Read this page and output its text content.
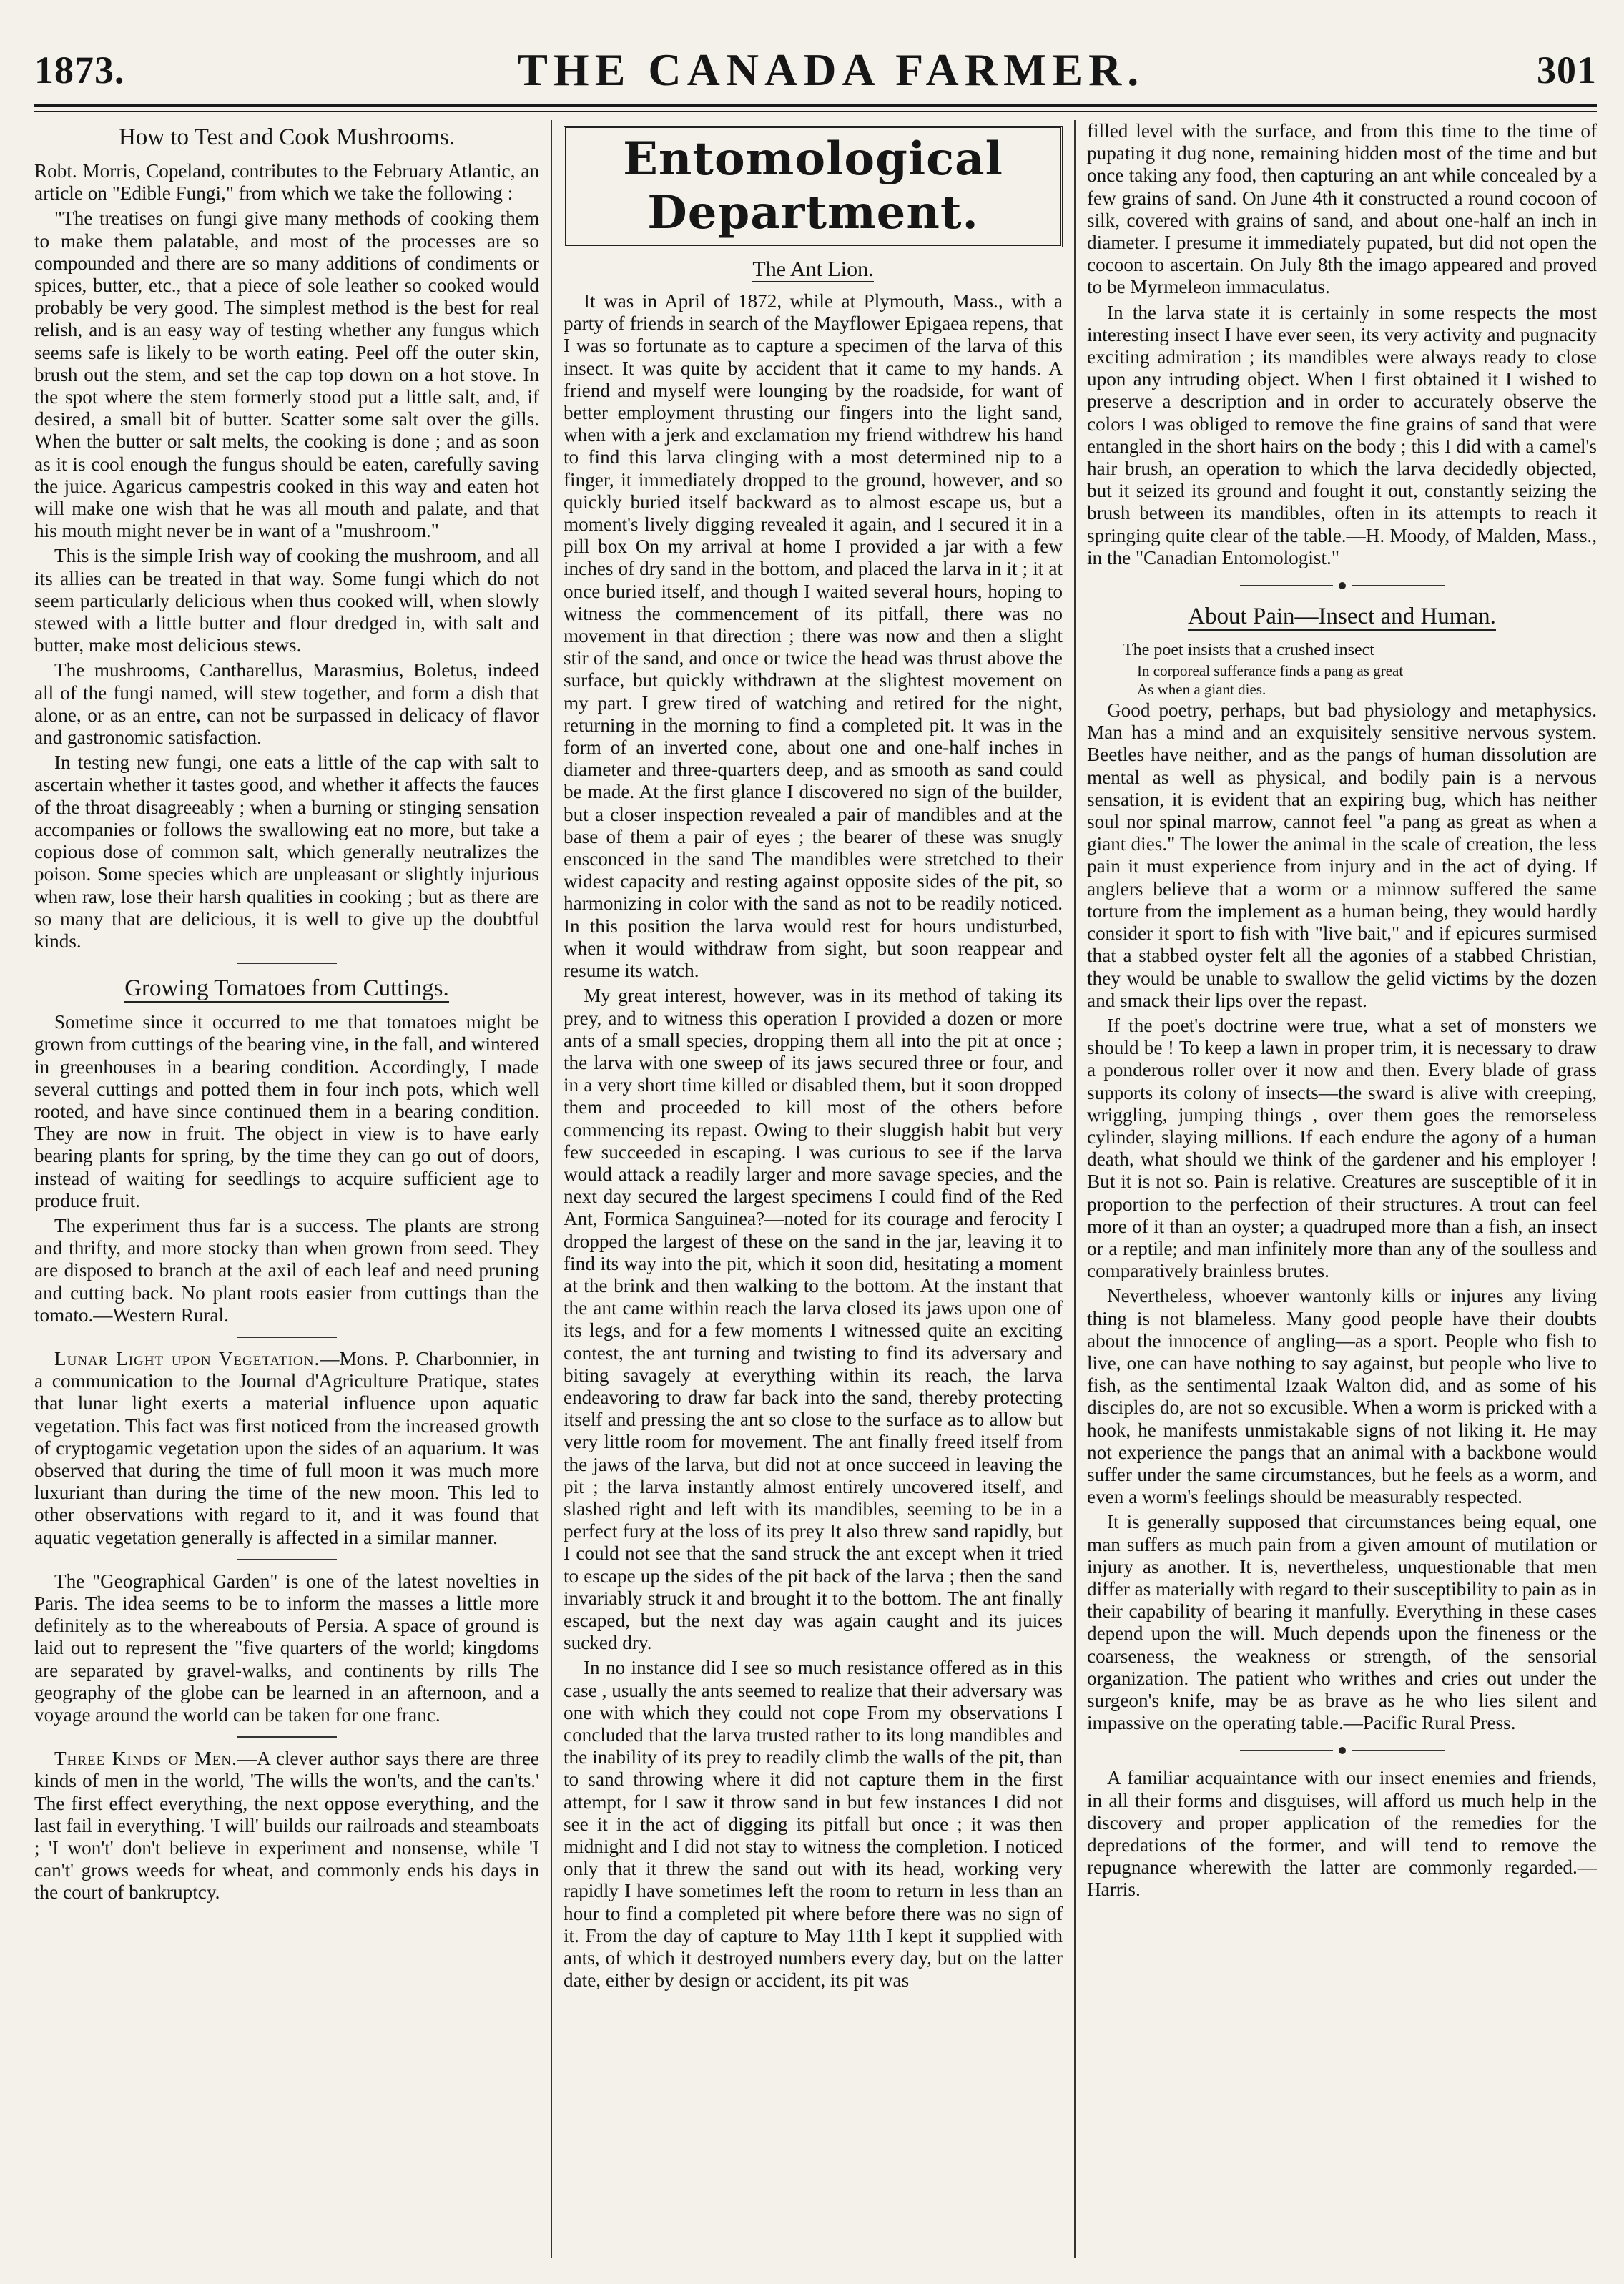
1873.	THE CANADA FARMER.	301
How to Test and Cook Mushrooms.

Robt. Morris, Copeland, contributes to the February Atlantic, an article on "Edible Fungi," from which we take the following :

"The treatises on fungi give many methods of cooking them to make them palatable, and most of the processes are so compounded and there are so many additions of condiments or spices, butter, etc., that a piece of sole leather so cooked would probably be very good. The simplest method is the best for real relish, and is an easy way of testing whether any fungus which seems safe is likely to be worth eating. Peel off the outer skin, brush out the stem, and set the cap top down on a hot stove. In the spot where the stem formerly stood put a little salt, and, if desired, a small bit of butter. Scatter some salt over the gills. When the butter or salt melts, the cooking is done ; and as soon as it is cool enough the fungus should be eaten, carefully saving the juice. Agaricus campestris cooked in this way and eaten hot will make one wish that he was all mouth and palate, and that his mouth might never be in want of a "mushroom."

This is the simple Irish way of cooking the mushroom, and all its allies can be treated in that way. Some fungi which do not seem particularly delicious when thus cooked will, when slowly stewed with a little butter and flour dredged in, with salt and butter, make most delicious stews.

The mushrooms, Cantharellus, Marasmius, Boletus, indeed all of the fungi named, will stew together, and form a dish that alone, or as an entre, can not be surpassed in delicacy of flavor and gastronomic satisfaction.

In testing new fungi, one eats a little of the cap with salt to ascertain whether it tastes good, and whether it affects the fauces of the throat disagreeably ; when a burning or stinging sensation accompanies or follows the swallowing eat no more, but take a copious dose of common salt, which generally neutralizes the poison. Some species which are unpleasant or slightly injurious when raw, lose their harsh qualities in cooking ; but as there are so many that are delicious, it is well to give up the doubtful kinds.

Growing Tomatoes from Cuttings.

Sometime since it occurred to me that tomatoes might be grown from cuttings of the bearing vine, in the fall, and wintered in greenhouses in a bearing condition. Accordingly, I made several cuttings and potted them in four inch pots, which well rooted, and have since continued them in a bearing condition. They are now in fruit. The object in view is to have early bearing plants for spring, by the time they can go out of doors, instead of waiting for seedlings to acquire sufficient age to produce fruit.

The experiment thus far is a success. The plants are strong and thrifty, and more stocky than when grown from seed. They are disposed to branch at the axil of each leaf and need pruning and cutting back. No plant roots easier from cuttings than the tomato.—Western Rural.

Lunar Light upon Vegetation.—Mons. P. Charbonnier, in a communication to the Journal d'Agriculture Pratique, states that lunar light exerts a material influence upon aquatic vegetation. This fact was first noticed from the increased growth of cryptogamic vegetation upon the sides of an aquarium. It was observed that during the time of full moon it was much more luxuriant than during the time of the new moon. This led to other observations with regard to it, and it was found that aquatic vegetation generally is affected in a similar manner.

The "Geographical Garden" is one of the latest novelties in Paris. The idea seems to be to inform the masses a little more definitely as to the whereabouts of Persia. A space of ground is laid out to represent the "five quarters of the world; kingdoms are separated by gravel-walks, and continents by rills The geography of the globe can be learned in an afternoon, and a voyage around the world can be taken for one franc.

Three Kinds of Men.—A clever author says there are three kinds of men in the world, 'The wills the won'ts, and the can'ts.' The first effect everything, the next oppose everything, and the last fail in everything. 'I will' builds our railroads and steamboats ; 'I won't' don't believe in experiment and nonsense, while 'I can't' grows weeds for wheat, and commonly ends his days in the court of bankruptcy.

Entomological Department.
The Ant Lion.

It was in April of 1872, while at Plymouth, Mass., with a party of friends in search of the Mayflower Epigaea repens, that I was so fortunate as to capture a specimen of the larva of this insect. It was quite by accident that it came to my hands. A friend and myself were lounging by the roadside, for want of better employment thrusting our fingers into the light sand, when with a jerk and exclamation my friend withdrew his hand to find this larva clinging with a most determined nip to a finger, it immediately dropped to the ground, however, and so quickly buried itself backward as to almost escape us, but a moment's lively digging revealed it again, and I secured it in a pill box On my arrival at home I provided a jar with a few inches of dry sand in the bottom, and placed the larva in it ; it at once buried itself, and though I waited several hours, hoping to witness the commencement of its pitfall, there was no movement in that direction ; there was now and then a slight stir of the sand, and once or twice the head was thrust above the surface, but quickly withdrawn at the slightest movement on my part. I grew tired of watching and retired for the night, returning in the morning to find a completed pit. It was in the form of an inverted cone, about one and one-half inches in diameter and three-quarters deep, and as smooth as sand could be made. At the first glance I discovered no sign of the builder, but a closer inspection revealed a pair of mandibles and at the base of them a pair of eyes ; the bearer of these was snugly ensconced in the sand The mandibles were stretched to their widest capacity and resting against opposite sides of the pit, so harmonizing in color with the sand as not to be readily noticed. In this position the larva would rest for hours undisturbed, when it would withdraw from sight, but soon reappear and resume its watch.

My great interest, however, was in its method of taking its prey, and to witness this operation I provided a dozen or more ants of a small species, dropping them all into the pit at once ; the larva with one sweep of its jaws secured three or four, and in a very short time killed or disabled them, but it soon dropped them and proceeded to kill most of the others before commencing its repast. Owing to their sluggish habit but very few succeeded in escaping. I was curious to see if the larva would attack a readily larger and more savage species, and the next day secured the largest specimens I could find of the Red Ant, Formica Sanguinea?—noted for its courage and ferocity I dropped the largest of these on the sand in the jar, leaving it to find its way into the pit, which it soon did, hesitating a moment at the brink and then walking to the bottom. At the instant that the ant came within reach the larva closed its jaws upon one of its legs, and for a few moments I witnessed quite an exciting contest, the ant turning and twisting to find its adversary and biting savagely at everything within its reach, the larva endeavoring to draw far back into the sand, thereby protecting itself and pressing the ant so close to the surface as to allow but very little room for movement. The ant finally freed itself from the jaws of the larva, but did not at once succeed in leaving the pit ; the larva instantly almost entirely uncovered itself, and slashed right and left with its mandibles, seeming to be in a perfect fury at the loss of its prey It also threw sand rapidly, but I could not see that the sand struck the ant except when it tried to escape up the sides of the pit back of the larva ; then the sand invariably struck it and brought it to the bottom. The ant finally escaped, but the next day was again caught and its juices sucked dry.

In no instance did I see so much resistance offered as in this case , usually the ants seemed to realize that their adversary was one with which they could not cope From my observations I concluded that the larva trusted rather to its long mandibles and the inability of its prey to readily climb the walls of the pit, than to sand throwing where it did not capture them in the first attempt, for I saw it throw sand in but few instances I did not see it in the act of digging its pitfall but once ; it was then midnight and I did not stay to witness the completion. I noticed only that it threw the sand out with its head, working very rapidly I have sometimes left the room to return in less than an hour to find a completed pit where before there was no sign of it. From the day of capture to May 11th I kept it supplied with ants, of which it destroyed numbers every day, but on the latter date, either by design or accident, its pit was

filled level with the surface, and from this time to the time of pupating it dug none, remaining hidden most of the time and but once taking any food, then capturing an ant while concealed by a few grains of sand. On June 4th it constructed a round cocoon of silk, covered with grains of sand, and about one-half an inch in diameter. I presume it immediately pupated, but did not open the cocoon to ascertain. On July 8th the imago appeared and proved to be Myrmeleon immaculatus.

In the larva state it is certainly in some respects the most interesting insect I have ever seen, its very activity and pugnacity exciting admiration ; its mandibles were always ready to close upon any intruding object. When I first obtained it I wished to preserve a description and in order to accurately observe the colors I was obliged to remove the fine grains of sand that were entangled in the short hairs on the body ; this I did with a camel's hair brush, an operation to which the larva decidedly objected, but it seized its ground and fought it out, constantly seizing the brush between its mandibles, often in its attempts to reach it springing quite clear of the table.—H. Moody, of Malden, Mass., in the "Canadian Entomologist."

About Pain—Insect and Human.

The poet insists that a crushed insect

In corporeal sufferance finds a pang as great

As when a giant dies.

Good poetry, perhaps, but bad physiology and metaphysics. Man has a mind and an exquisitely sensitive nervous system. Beetles have neither, and as the pangs of human dissolution are mental as well as physical, and bodily pain is a nervous sensation, it is evident that an expiring bug, which has neither soul nor spinal marrow, cannot feel "a pang as great as when a giant dies." The lower the animal in the scale of creation, the less pain it must experience from injury and in the act of dying. If anglers believe that a worm or a minnow suffered the same torture from the implement as a human being, they would hardly consider it sport to fish with "live bait," and if epicures surmised that a stabbed oyster felt all the agonies of a stabbed Christian, they would be unable to swallow the gelid victims by the dozen and smack their lips over the repast.

If the poet's doctrine were true, what a set of monsters we should be ! To keep a lawn in proper trim, it is necessary to draw a ponderous roller over it now and then. Every blade of grass supports its colony of insects—the sward is alive with creeping, wriggling, jumping things , over them goes the remorseless cylinder, slaying millions. If each endure the agony of a human death, what should we think of the gardener and his employer ! But it is not so. Pain is relative. Creatures are susceptible of it in proportion to the perfection of their structures. A trout can feel more of it than an oyster; a quadruped more than a fish, an insect or a reptile; and man infinitely more than any of the soulless and comparatively brainless brutes.

Nevertheless, whoever wantonly kills or injures any living thing is not blameless. Many good people have their doubts about the innocence of angling—as a sport. People who fish to live, one can have nothing to say against, but people who live to fish, as the sentimental Izaak Walton did, and as some of his disciples do, are not so excusible. When a worm is pricked with a hook, he manifests unmistakable signs of not liking it. He may not experience the pangs that an animal with a backbone would suffer under the same circumstances, but he feels as a worm, and even a worm's feelings should be measurably respected.

It is generally supposed that circumstances being equal, one man suffers as much pain from a given amount of mutilation or injury as another. It is, nevertheless, unquestionable that men differ as materially with regard to their susceptibility to pain as in their capability of bearing it manfully. Everything in these cases depend upon the will. Much depends upon the fineness or the coarseness, the weakness or strength, of the sensorial organization. The patient who writhes and cries out under the surgeon's knife, may be as brave as he who lies silent and impassive on the operating table.—Pacific Rural Press.

A familiar acquaintance with our insect enemies and friends, in all their forms and disguises, will afford us much help in the discovery and proper application of the remedies for the depredations of the former, and will tend to remove the repugnance wherewith the latter are commonly regarded.—Harris.
